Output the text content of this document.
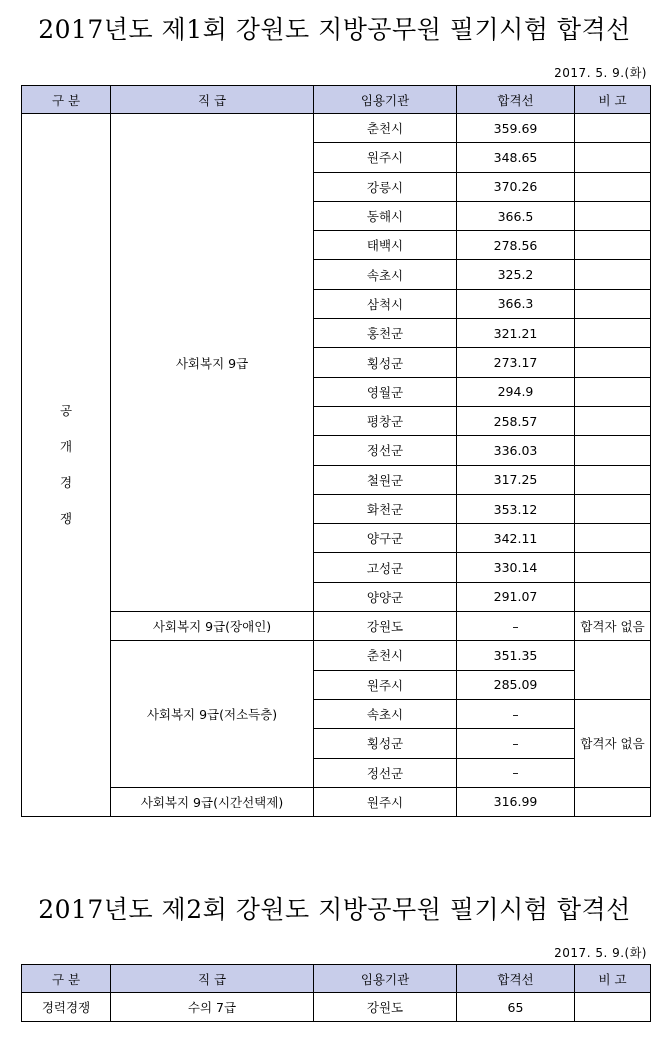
2017년도 제1회 강원도 지방공무원 필기시험 합격선
2017. 5. 9.(화)
구 분	직 급	임용기관	합격선	비 고

공
개
경
쟁	사회복지 9급	춘천시	359.69	
		원주시	348.65	
		강릉시	370.26	
		동해시	366.5	
		태백시	278.56	
		속초시	325.2	
		삼척시	366.3	
		홍천군	321.21	
		횡성군	273.17	
		영월군	294.9	
		평창군	258.57	
		정선군	336.03	
		철원군	317.25	
		화천군	353.12	
		양구군	342.11	
		고성군	330.14	
		양양군	291.07	
	사회복지 9급(장애인)	강원도	–	합격자 없음
	사회복지 9급(저소득층)	춘천시	351.35	
		원주시	285.09	
		속초시	–	합격자 없음
		횡성군	–	
		정선군	–	
	사회복지 9급(시간선택제)	원주시	316.99	
2017년도 제2회 강원도 지방공무원 필기시험 합격선
2017. 5. 9.(화)
구 분	직 급	임용기관	합격선	비 고
경력경쟁	수의 7급	강원도	65	
